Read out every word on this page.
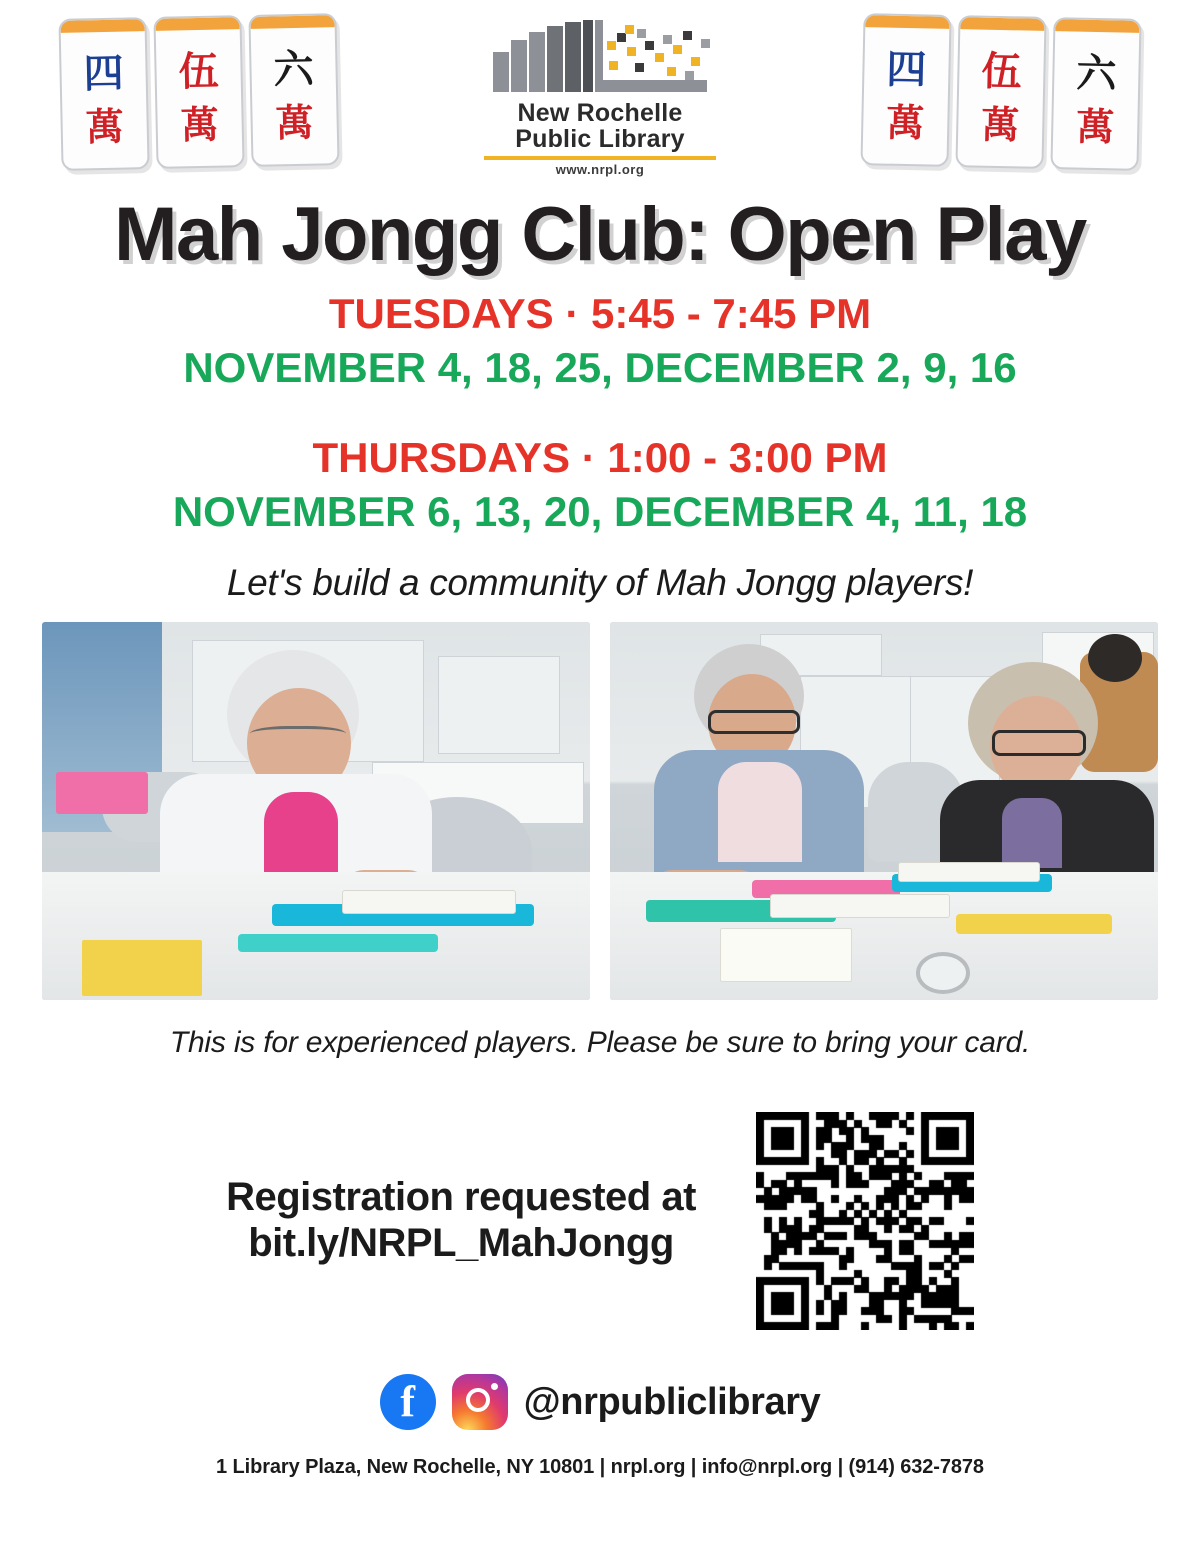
四
萬
伍
萬
六
萬	New Rochelle
Public Library
www.nrpl.org
四
萬
伍
萬
六
萬
Mah Jongg Club: Open Play
TUESDAYS · 5:45 - 7:45 PM
NOVEMBER 4, 18, 25, DECEMBER 2, 9, 16
THURSDAYS · 1:00 - 3:00 PM
NOVEMBER 6, 13, 20, DECEMBER 4, 11, 18
Let's build a community of Mah Jongg players!
This is for experienced players. Please be sure to bring your card.
Registration requested at
bit.ly/NRPL_MahJongg
f	@nrpubliclibrary
1 Library Plaza, New Rochelle, NY 10801 | nrpl.org | info@nrpl.org | (914) 632-7878
